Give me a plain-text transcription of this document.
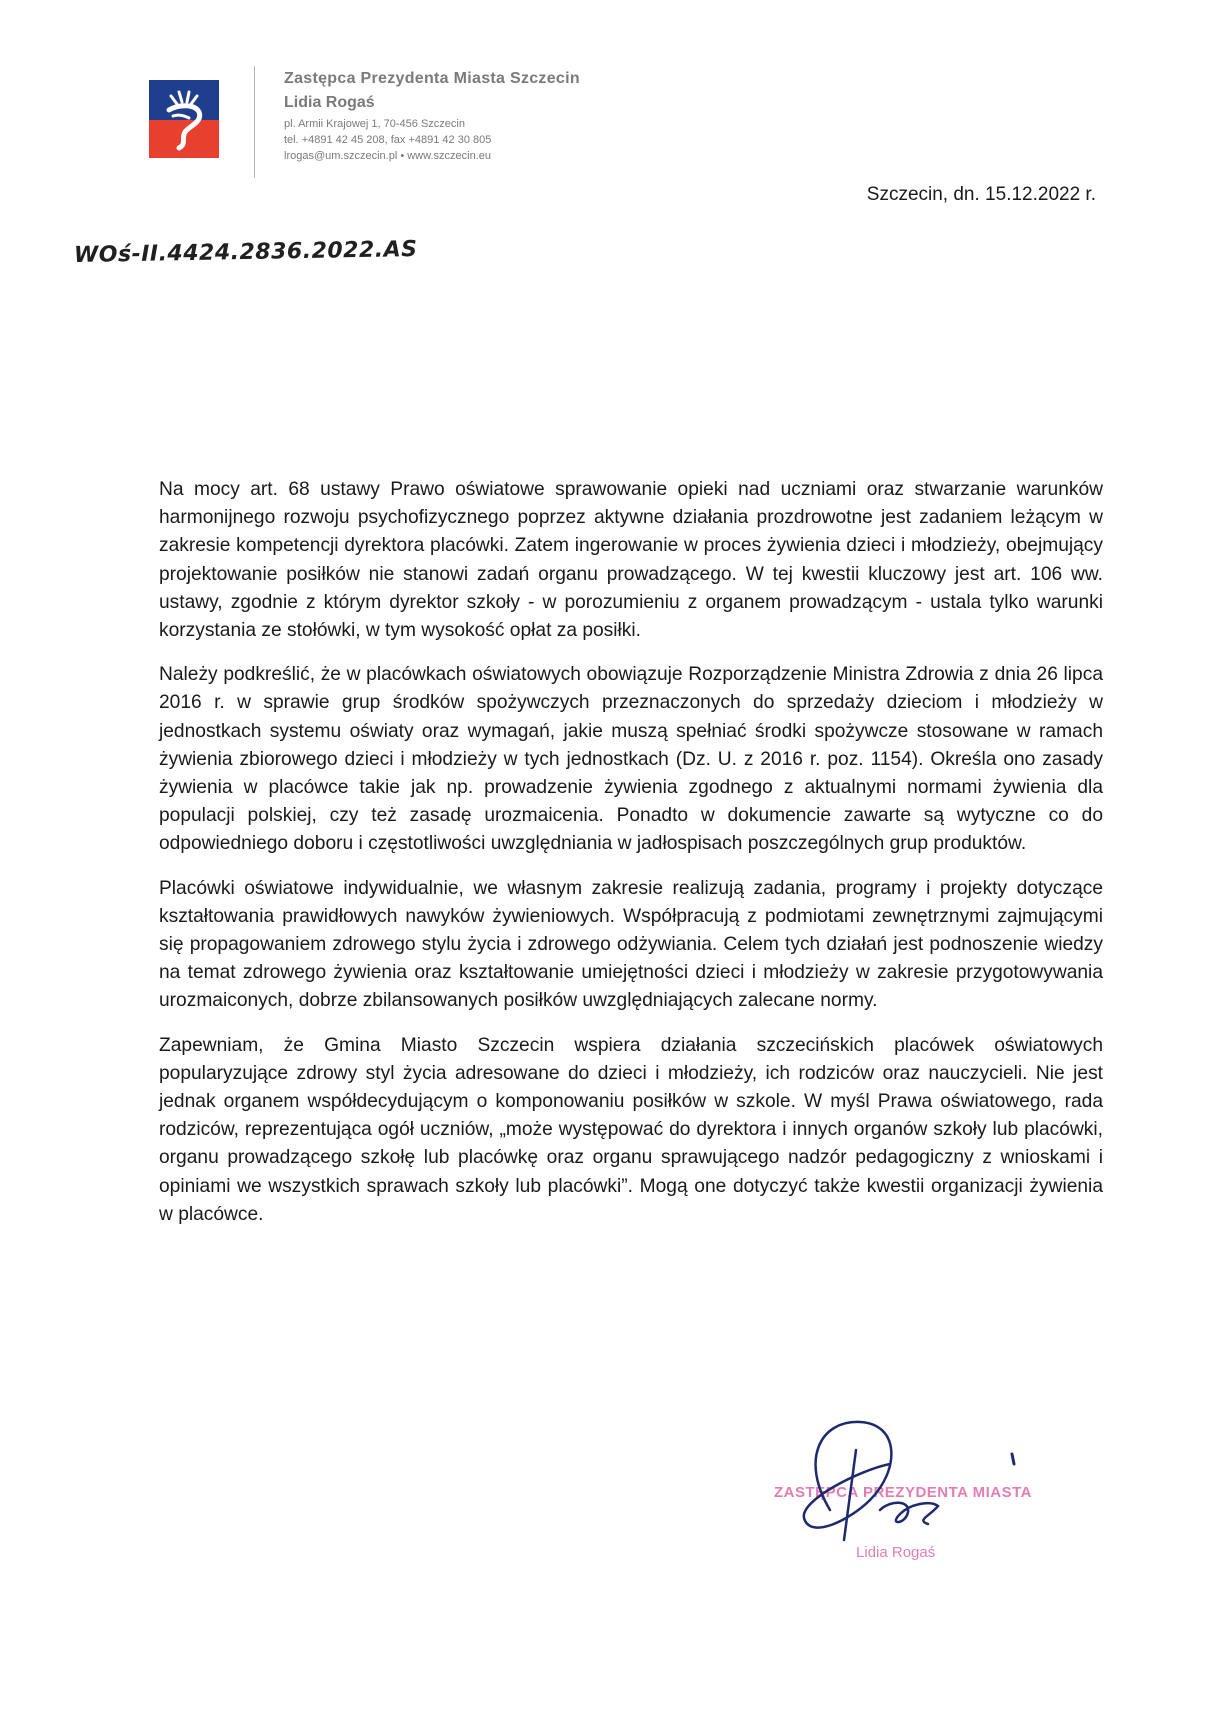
Zastępca Prezydenta Miasta Szczecin
Lidia Rogaś
pl. Armii Krajowej 1, 70-456 Szczecin
tel. +4891 42 45 208, fax +4891 42 30 805
lrogas@um.szczecin.pl • www.szczecin.eu
Szczecin, dn. 15.12.2022 r.
WOś-II.4424.2836.2022.AS

Na mocy art. 68 ustawy Prawo oświatowe sprawowanie opieki nad uczniami oraz stwarzanie warunków harmonijnego rozwoju psychofizycznego poprzez aktywne działania prozdrowotne jest zadaniem leżącym w zakresie kompetencji dyrektora placówki. Zatem ingerowanie w proces żywienia dzieci i młodzieży, obejmujący projektowanie posiłków nie stanowi zadań organu prowadzącego. W tej kwestii kluczowy jest art. 106 ww. ustawy, zgodnie z którym dyrektor szkoły - w porozumieniu z organem prowadzącym - ustala tylko warunki korzystania ze stołówki, w tym wysokość opłat za posiłki.

Należy podkreślić, że w placówkach oświatowych obowiązuje Rozporządzenie Ministra Zdrowia z dnia 26 lipca 2016 r. w sprawie grup środków spożywczych przeznaczonych do sprzedaży dzieciom i młodzieży w jednostkach systemu oświaty oraz wymagań, jakie muszą spełniać środki spożywcze stosowane w ramach żywienia zbiorowego dzieci i młodzieży w tych jednostkach (Dz. U. z 2016 r. poz. 1154). Określa ono zasady żywienia w placówce takie jak np. prowadzenie żywienia zgodnego z aktualnymi normami żywienia dla populacji polskiej, czy też zasadę urozmaicenia. Ponadto w dokumencie zawarte są wytyczne co do odpowiedniego doboru i częstotliwości uwzględniania w jadłospisach poszczególnych grup produktów.

Placówki oświatowe indywidualnie, we własnym zakresie realizują zadania, programy i projekty dotyczące kształtowania prawidłowych nawyków żywieniowych. Współpracują z podmiotami zewnętrznymi zajmującymi się propagowaniem zdrowego stylu życia i zdrowego odżywiania. Celem tych działań jest podnoszenie wiedzy na temat zdrowego żywienia oraz kształtowanie umiejętności dzieci i młodzieży w zakresie przygotowywania urozmaiconych, dobrze zbilansowanych posiłków uwzględniających zalecane normy.

Zapewniam, że Gmina Miasto Szczecin wspiera działania szczecińskich placówek oświatowych popularyzujące zdrowy styl życia adresowane do dzieci i młodzieży, ich rodziców oraz nauczycieli. Nie jest jednak organem współdecydującym o komponowaniu posiłków w szkole. W myśl Prawa oświatowego, rada rodziców, reprezentująca ogół uczniów, „może występować do dyrektora i innych organów szkoły lub placówki, organu prowadzącego szkołę lub placówkę oraz organu sprawującego nadzór pedagogiczny z wnioskami i opiniami we wszystkich sprawach szkoły lub placówki”. Mogą one dotyczyć także kwestii organizacji żywienia w placówce.

ZASTĘPCA PREZYDENTA MIASTA
Lidia Rogaś
